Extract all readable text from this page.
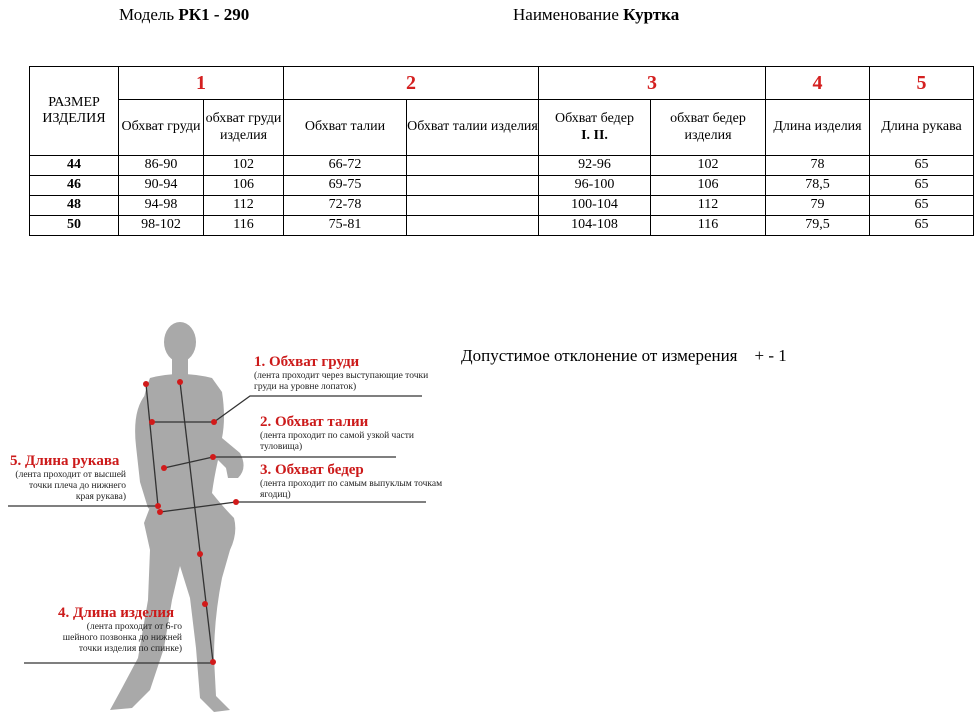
Модель РК1 - 290	Наименование Куртка
РАЗМЕР ИЗДЕЛИЯ	1		2		3		4	5
	Обхват груди	обхват груди изделия	Обхват талии	Обхват талии изделия	Обхват бедер
I. II.	обхват бедер изделия	Длина изделия	Длина рукава
44	86-90	102	66-72		92-96	102	78	65
46	90-94	106	69-75		96-100	106	78,5	65
48	94-98	112	72-78		100-104	112	79	65
50	98-102	116	75-81		104-108	116	79,5	65
Допустимое отклонение от измерения    + - 1
1. Обхват груди
(лента проходит через выступающие точки груди на уровне лопаток)
2. Обхват талии
(лента проходит по самой узкой части туловища)
3. Обхват бедер
(лента проходит по самым выпуклым точкам ягодиц)
5. Длина рукава
(лента проходит от высшей точки плеча до нижнего края рукава)
4. Длина изделия
(лента проходит от 6-го шейного позвонка до нижней точки изделия по спинке)
